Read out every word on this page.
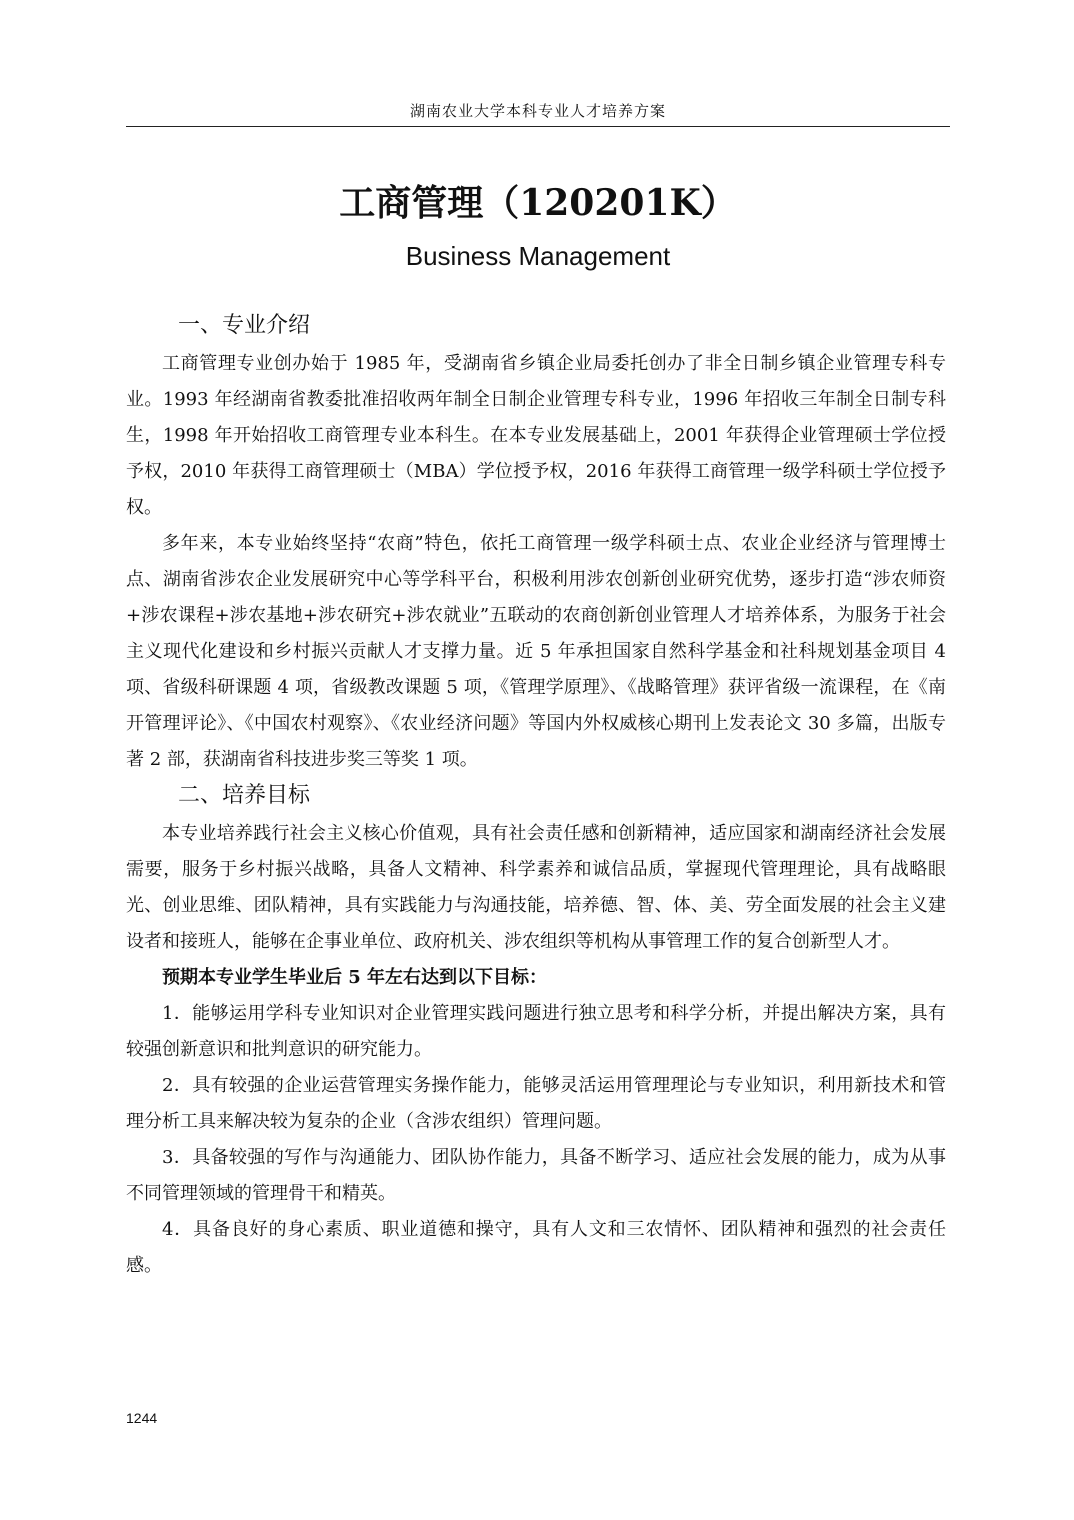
湖南农业大学本科专业人才培养方案
工商管理（120201K）
Business Management
一、专业介绍

工商管理专业创办始于 1985 年，受湖南省乡镇企业局委托创办了非全日制乡镇企业管理专科专业。1993 年经湖南省教委批准招收两年制全日制企业管理专科专业，1996 年招收三年制全日制专科生，1998 年开始招收工商管理专业本科生。在本专业发展基础上，2001 年获得企业管理硕士学位授予权，2010 年获得工商管理硕士（MBA）学位授予权，2016 年获得工商管理一级学科硕士学位授予权。

多年来，本专业始终坚持“农商”特色，依托工商管理一级学科硕士点、农业企业经济与管理博士点、湖南省涉农企业发展研究中心等学科平台，积极利用涉农创新创业研究优势，逐步打造“涉农师资+涉农课程+涉农基地+涉农研究+涉农就业”五联动的农商创新创业管理人才培养体系，为服务于社会主义现代化建设和乡村振兴贡献人才支撑力量。近 5 年承担国家自然科学基金和社科规划基金项目 4 项、省级科研课题 4 项，省级教改课题 5 项，《管理学原理》、《战略管理》获评省级一流课程，在《南开管理评论》、《中国农村观察》、《农业经济问题》等国内外权威核心期刊上发表论文 30 多篇，出版专著 2 部，获湖南省科技进步奖三等奖 1 项。

二、培养目标

本专业培养践行社会主义核心价值观，具有社会责任感和创新精神，适应国家和湖南经济社会发展需要，服务于乡村振兴战略，具备人文精神、科学素养和诚信品质，掌握现代管理理论，具有战略眼光、创业思维、团队精神，具有实践能力与沟通技能，培养德、智、体、美、劳全面发展的社会主义建设者和接班人，能够在企事业单位、政府机关、涉农组织等机构从事管理工作的复合创新型人才。

预期本专业学生毕业后 5 年左右达到以下目标：

1．能够运用学科专业知识对企业管理实践问题进行独立思考和科学分析，并提出解决方案，具有较强创新意识和批判意识的研究能力。

2．具有较强的企业运营管理实务操作能力，能够灵活运用管理理论与专业知识，利用新技术和管理分析工具来解决较为复杂的企业（含涉农组织）管理问题。

3．具备较强的写作与沟通能力、团队协作能力，具备不断学习、适应社会发展的能力，成为从事不同管理领域的管理骨干和精英。

4．具备良好的身心素质、职业道德和操守，具有人文和三农情怀、团队精神和强烈的社会责任感。

1244
